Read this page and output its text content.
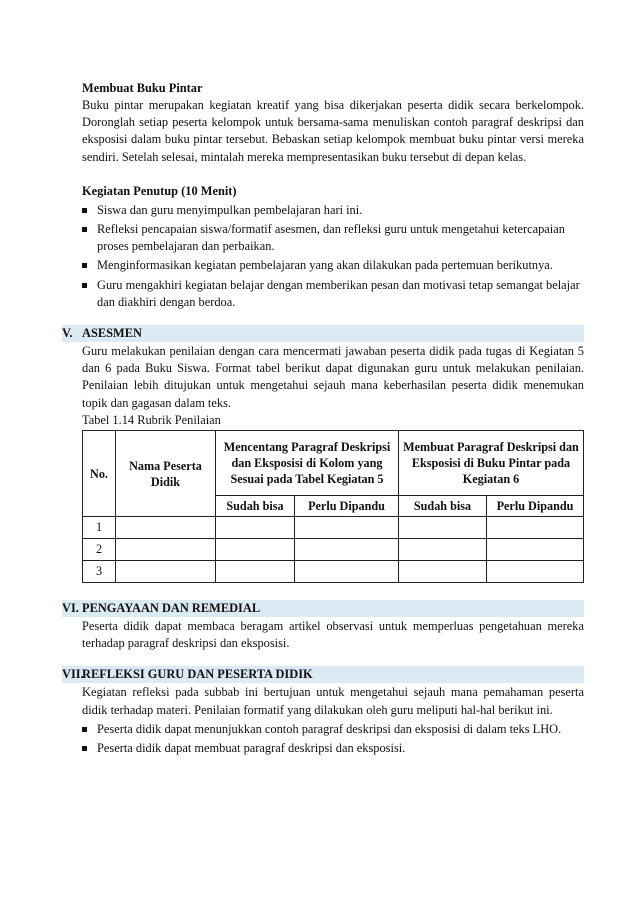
Membuat Buku Pintar

Buku pintar merupakan kegiatan kreatif yang bisa dikerjakan peserta didik secara berkelompok. Doronglah setiap peserta kelompok untuk bersama-sama menuliskan contoh paragraf deskripsi dan eksposisi dalam buku pintar tersebut. Bebaskan setiap kelompok membuat buku pintar versi mereka sendiri. Setelah selesai, mintalah mereka mempresentasikan buku tersebut di depan kelas.

Kegiatan Penutup (10 Menit)

Siswa dan guru menyimpulkan pembelajaran hari ini.
Refleksi pencapaian siswa/formatif asesmen, dan refleksi guru untuk mengetahui ketercapaian proses pembelajaran dan perbaikan.
Menginformasikan kegiatan pembelajaran yang akan dilakukan pada pertemuan berikutnya.
Guru mengakhiri kegiatan belajar dengan memberikan pesan dan motivasi tetap semangat belajar dan diakhiri dengan berdoa.
V. ASESMEN

Guru melakukan penilaian dengan cara mencermati jawaban peserta didik pada tugas di Kegiatan 5 dan 6 pada Buku Siswa. Format tabel berikut dapat digunakan guru untuk melakukan penilaian. Penilaian lebih ditujukan untuk mengetahui sejauh mana keberhasilan peserta didik menemukan topik dan gagasan dalam teks.

Tabel 1.14 Rubrik Penilaian

No.	Nama Peserta Didik	Mencentang Paragraf Deskripsi dan Eksposisi di Kolom yang Sesuai pada Tabel Kegiatan 5		Membuat Paragraf Deskripsi dan Eksposisi di Buku Pintar pada Kegiatan 6	
		Sudah bisa	Perlu Dipandu	Sudah bisa	Perlu Dipandu
1					
2					
3					
VI. PENGAYAAN DAN REMEDIAL

Peserta didik dapat membaca beragam artikel observasi untuk memperluas pengetahuan mereka terhadap paragraf deskripsi dan eksposisi.

VII.
REFLEKSI GURU DAN PESERTA DIDIK

Kegiatan refleksi pada subbab ini bertujuan untuk mengetahui sejauh mana pemahaman peserta didik terhadap materi. Penilaian formatif yang dilakukan oleh guru meliputi hal-hal berikut ini.

Peserta didik dapat menunjukkan contoh paragraf deskripsi dan eksposisi di dalam teks LHO.
Peserta didik dapat membuat paragraf deskripsi dan eksposisi.
